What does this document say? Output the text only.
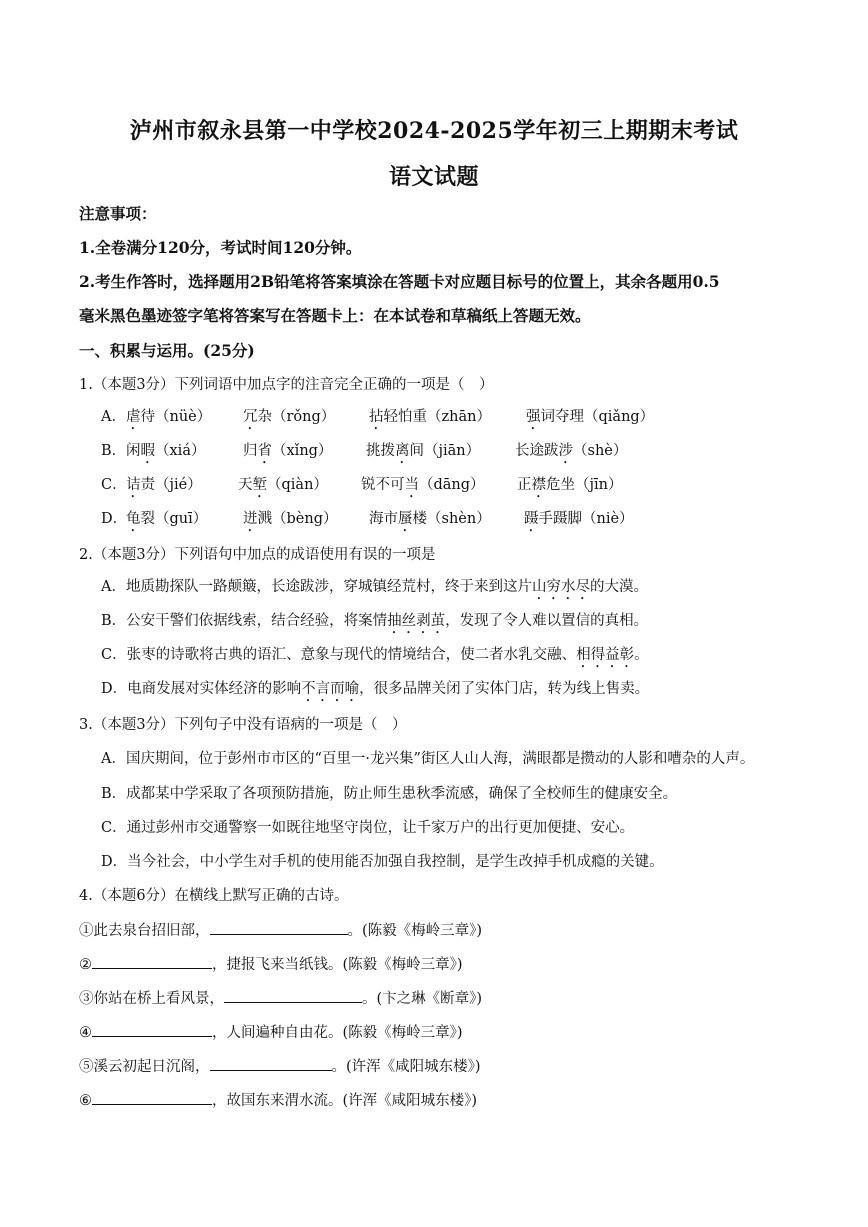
泸州市叙永县第一中学校2024-2025学年初三上期期末考试
语文试题
注意事项：
1.全卷满分120分，考试时间120分钟。
2.考生作答时，选择题用2B铅笔将答案填涂在答题卡对应题目标号的位置上，其余各题用0.5
毫米黑色墨迹签字笔将答案写在答题卡上：在本试卷和草稿纸上答题无效。
一、积累与运用。(25分)
1.（本题3分）下列词语中加点字的注音完全正确的一项是（　）
A． 虐待（nüè） 冗杂（rǒng） 拈轻怕重（zhān） 强词夺理（qiǎng）
B． 闲暇（xiá）	归省（xǐng） 挑拨离间（jiān） 长途跋涉（shè）
C． 诘责（jié）	天堑（qiàn） 锐不可当（dāng） 正襟危坐（jīn）
D．
龟裂（guī） 迸溅（bèng） 海市蜃楼（shèn） 蹑手蹑脚（niè）
2.（本题3分）下列语句中加点的成语使用有误的一项是
A．地质勘探队一路颠簸，长途跋涉，穿城镇经荒村，终于来到这片山穷水尽的大漠。
B．公安干警们依据线索，结合经验，将案情抽丝剥茧，发现了令人难以置信的真相。
C．张枣的诗歌将古典的语汇、意象与现代的情境结合，使二者水乳交融、相得益彰。
D．电商发展对实体经济的影响不言而喻，很多品牌关闭了实体门店，转为线上售卖。
3.（本题3分）下列句子中没有语病的一项是（　）
A．国庆期间，位于彭州市市区的“百里一·龙兴集”街区人山人海，满眼都是攒动的人影和嘈杂的人声。
B．成都某中学采取了各项预防措施，防止师生患秋季流感，确保了全校师生的健康安全。
C．通过彭州市交通警察一如既往地坚守岗位，让千家万户的出行更加便捷、安心。
D．当今社会，中小学生对手机的使用能否加强自我控制，是学生改掉手机成瘾的关键。
4.（本题6分）在横线上默写正确的古诗。
①此去泉台招旧部，	。(陈毅《梅岭三章》)
②	，捷报飞来当纸钱。(陈毅《梅岭三章》)
③你站在桥上看风景，	。(卞之琳《断章》)
④	，人间遍种自由花。(陈毅《梅岭三章》)
⑤溪云初起日沉阁，	。(许浑《咸阳城东楼》)
⑥	，故国东来渭水流。(许浑《咸阳城东楼》)
